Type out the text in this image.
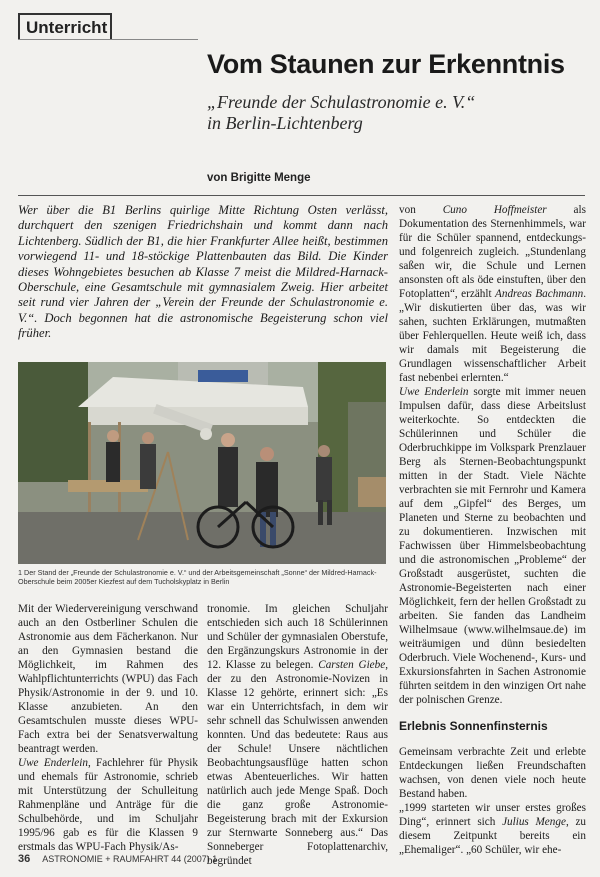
Unterricht

Vom Staunen zur Erkenntnis
„Freunde der Schulastronomie e. V.“
in Berlin-Lichtenberg
von Brigitte Menge

Wer über die B1 Berlins quirlige Mitte Richtung Osten verlässt, durchquert den szenigen Friedrichshain und kommt dann nach Lichtenberg. Südlich der B1, die hier Frankfurter Allee heißt, bestimmen vorwiegend 11- und 18-stöckige Plattenbauten das Bild. Die Kinder dieses Wohngebietes besuchen ab Klasse 7 meist die Mildred-Harnack-Oberschule, eine Gesamtschule mit gymnasialem Zweig. Hier arbeitet seit rund vier Jahren der „Verein der Freunde der Schulastronomie e. V.“. Doch begonnen hat die astronomische Begeisterung schon viel früher.

1 Der Stand der „Freunde der Schulastronomie e. V.“ und der Arbeitsgemeinschaft „Sonne“ der Mildred-Harnack-Oberschule beim 2005er Kiezfest auf dem Tucholskyplatz in Berlin

Mit der Wiedervereinigung verschwand auch an den Ostberliner Schulen die Astronomie aus dem Fächerkanon. Nur an den Gymnasien bestand die Möglichkeit, im Rahmen des Wahlpflichtunterrichts (WPU) das Fach Physik/Astronomie in der 9. und 10. Klasse anzubieten. An den Gesamtschulen musste dieses WPU-Fach extra bei der Senatsverwaltung beantragt werden.

Uwe Enderlein, Fachlehrer für Physik und ehemals für Astronomie, schrieb mit Unterstützung der Schulleitung Rahmenpläne und Anträge für die Schulbehörde, und im Schuljahr 1995/96 gab es für die Klassen 9 erstmals das WPU-Fach Physik/As-

tronomie. Im gleichen Schuljahr entschieden sich auch 18 Schülerinnen und Schüler der gymnasialen Oberstufe, den Ergänzungskurs Astronomie in der 12. Klasse zu belegen. Carsten Giebe, der zu den Astronomie-Novizen in Klasse 12 gehörte, erinnert sich: „Es war ein Unterrichtsfach, in dem wir sehr schnell das Schulwissen anwenden konnten. Und das bedeutete: Raus aus der Schule! Unsere nächtlichen Beobachtungsausflüge hatten schon etwas Abenteuerliches. Wir hatten natürlich auch jede Menge Spaß. Doch die ganz große Astronomie-Begeisterung brach mit der Exkursion zur Sternwarte Sonneberg aus.“ Das Sonneberger Fotoplattenarchiv, begründet

von Cuno Hoffmeister als Dokumentation des Sternenhimmels, war für die Schüler spannend, entdeckungs- und folgenreich zugleich. „Stundenlang saßen wir, die Schule und Lernen ansonsten oft als öde einstuften, über den Fotoplatten“, erzählt Andreas Bachmann. „Wir diskutierten über das, was wir sahen, suchten Erklärungen, mutmaßten über Fehlerquellen. Heute weiß ich, dass wir damals mit Begeisterung die Grundlagen wissenschaftlicher Arbeit fast nebenbei erlernten.“

Uwe Enderlein sorgte mit immer neuen Impulsen dafür, dass diese Arbeitslust weiterkochte. So entdeckten die Schülerinnen und Schüler die Oderbruchkippe im Volkspark Prenzlauer Berg als Sternen-Beobachtungspunkt mitten in der Stadt. Viele Nächte verbrachten sie mit Fernrohr und Kamera auf dem „Gipfel“ des Berges, um Planeten und Sterne zu beobachten und zu dokumentieren. Inzwischen mit Fachwissen über Himmelsbeobachtung und die astronomischen „Probleme“ der Großstadt ausgerüstet, suchten die Astronomie-Begeisterten nach einer Möglichkeit, fern der hellen Großstadt zu arbeiten. Sie fanden das Landheim Wilhelmsaue (www.wilhelmsaue.de) im weiträumigen und dünn besiedelten Oderbruch. Viele Wochenend-, Kurs- und Exkursionsfahrten in Sachen Astronomie führten seitdem in den winzigen Ort nahe der polnischen Grenze.

Erlebnis Sonnenfinsternis

Gemeinsam verbrachte Zeit und erlebte Entdeckungen ließen Freundschaften wachsen, von denen viele noch heute Bestand haben.

„1999 starteten wir unser erstes großes Ding“, erinnert sich Julius Menge, zu diesem Zeitpunkt bereits ein „Ehemaliger“. „60 Schüler, wir ehe-

36 ASTRONOMIE + RAUMFAHRT 44 (2007) 1
